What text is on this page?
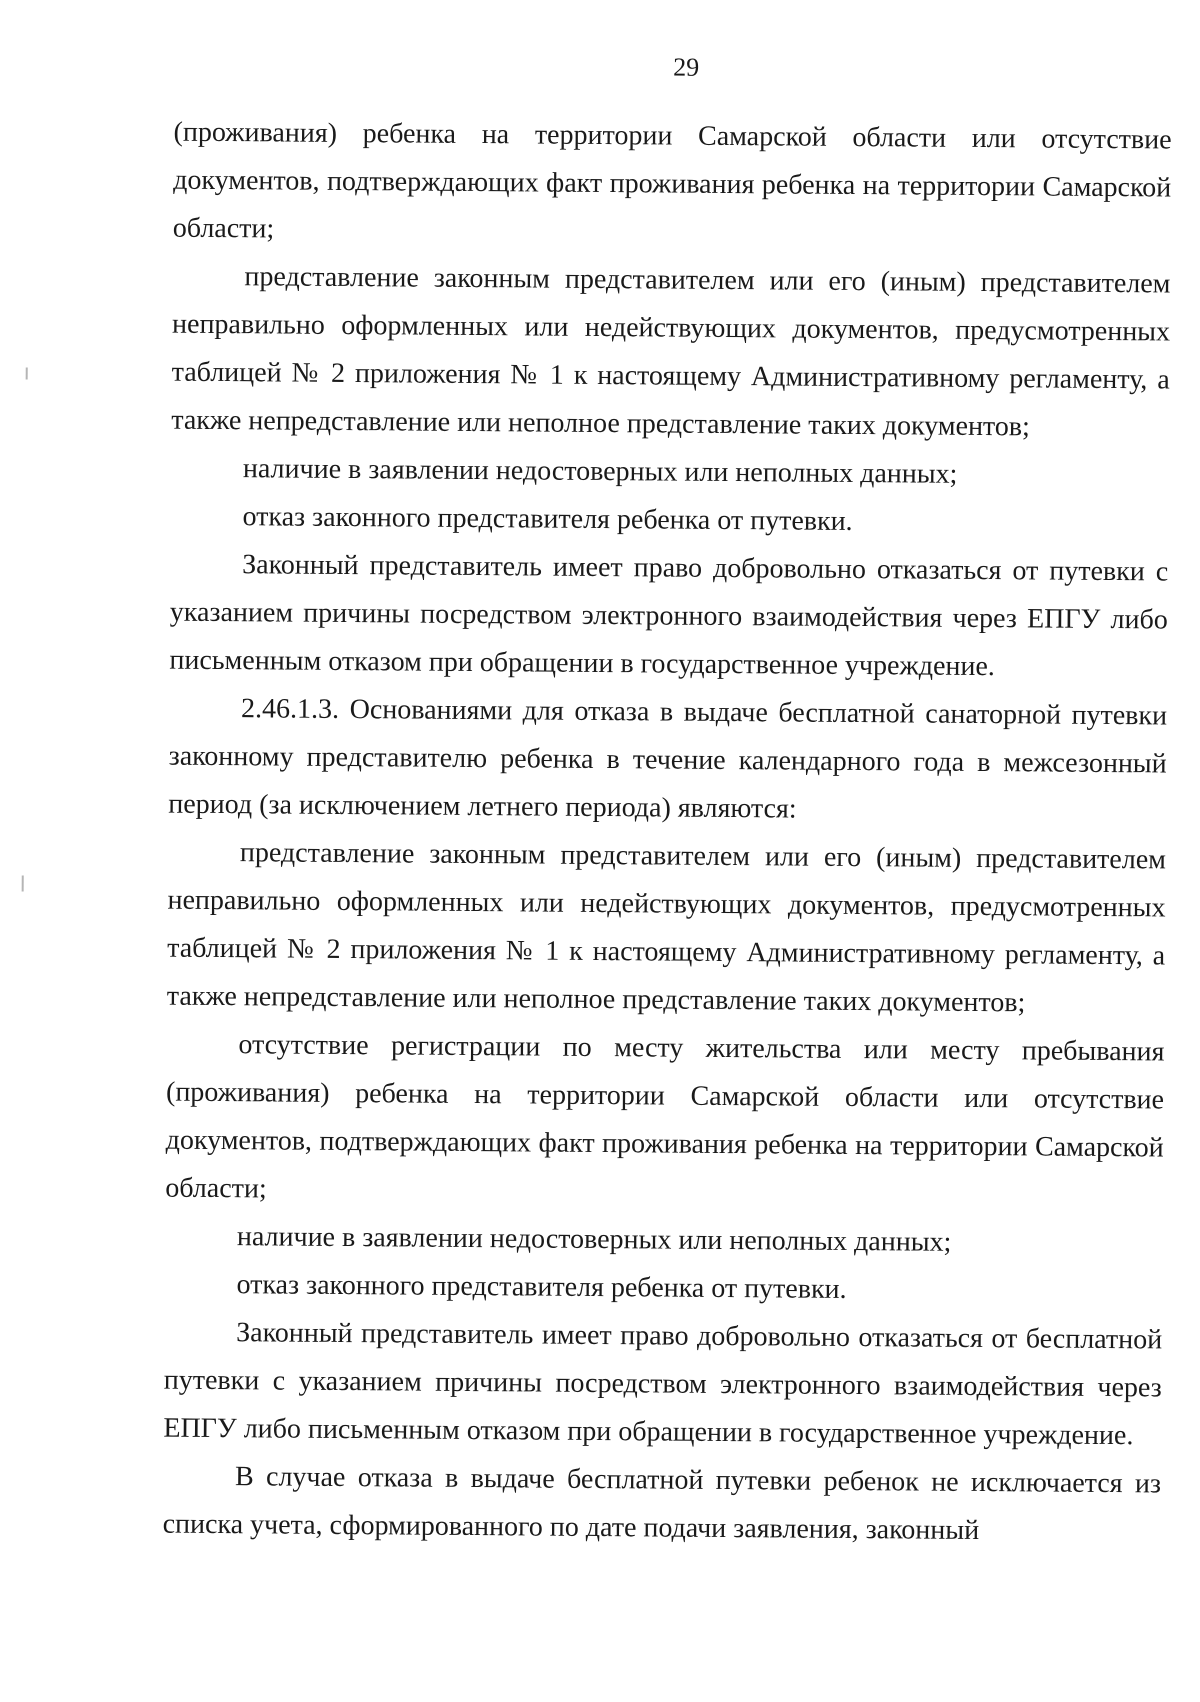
29

(проживания) ребенка на территории Самарской области или отсутствие документов, подтверждающих факт проживания ребенка на территории Самарской области;

представление законным представителем или его (иным) представителем неправильно оформленных или недействующих документов, предусмотренных таблицей № 2 приложения № 1 к настоящему Административному регламенту, а также непредставление или неполное представление таких документов;

наличие в заявлении недостоверных или неполных данных;

отказ законного представителя ребенка от путевки.

Законный представитель имеет право добровольно отказаться от путевки с указанием причины посредством электронного взаимодействия через ЕПГУ либо письменным отказом при обращении в государственное учреждение.

2.46.1.3. Основаниями для отказа в выдаче бесплатной санаторной путевки законному представителю ребенка в течение календарного года в межсезонный период (за исключением летнего периода) являются:

представление законным представителем или его (иным) представителем неправильно оформленных или недействующих документов, предусмотренных таблицей № 2 приложения № 1 к настоящему Административному регламенту, а также непредставление или неполное представление таких документов;

отсутствие регистрации по месту жительства или месту пребывания (проживания) ребенка на территории Самарской области или отсутствие документов, подтверждающих факт проживания ребенка на территории Самарской области;

наличие в заявлении недостоверных или неполных данных;

отказ законного представителя ребенка от путевки.

Законный представитель имеет право добровольно отказаться от бесплатной путевки с указанием причины посредством электронного взаимодействия через ЕПГУ либо письменным отказом при обращении в государственное учреждение.

В случае отказа в выдаче бесплатной путевки ребенок не исключается из списка учета, сформированного по дате подачи заявления, законный
